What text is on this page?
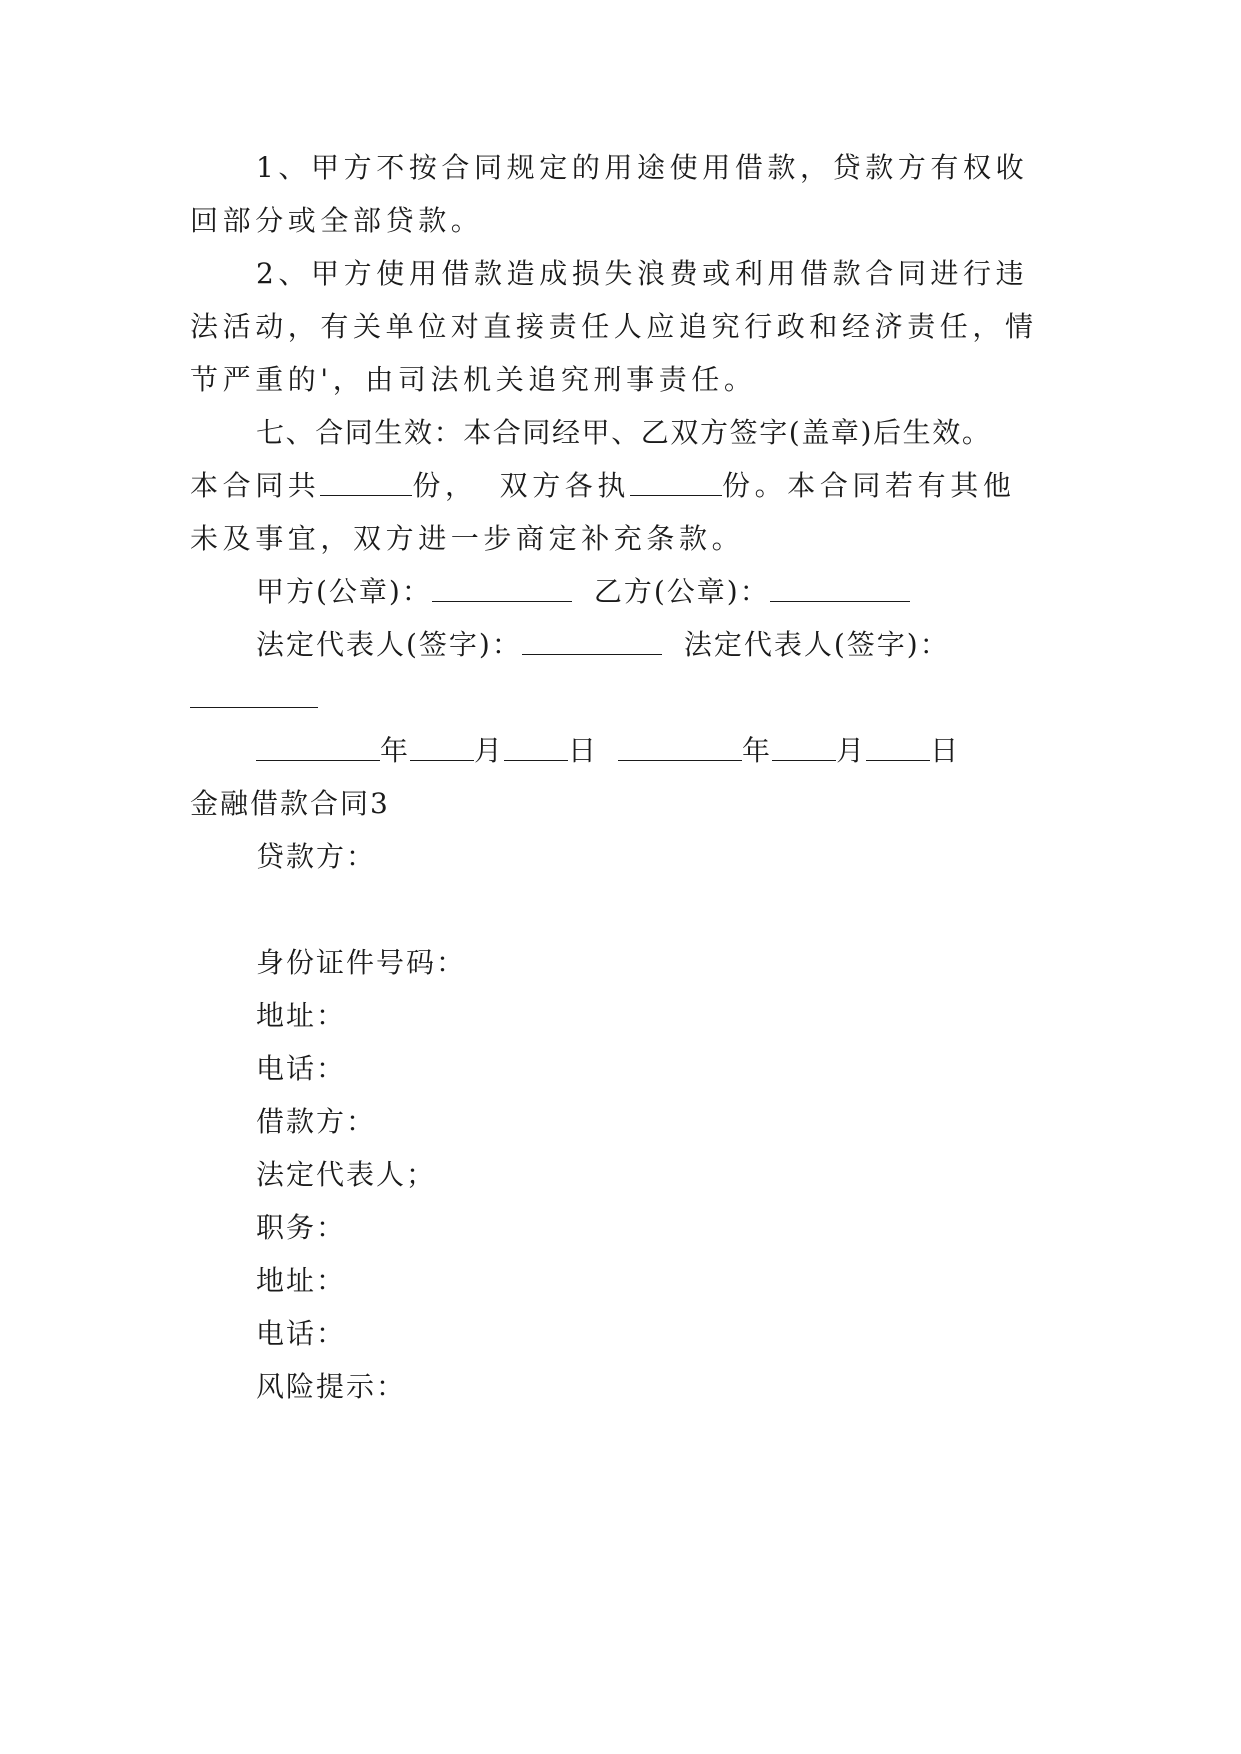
1、甲方不按合同规定的用途使用借款，贷款方有权收
回部分或全部贷款。
2、甲方使用借款造成损失浪费或利用借款合同进行违
法活动，有关单位对直接责任人应追究行政和经济责任，情
节严重的'，由司法机关追究刑事责任。
七、合同生效：本合同经甲、乙双方签字(盖章)后生效。
本合同共	份， 双方各执	份。本合同若有其他
未及事宜，双方进一步商定补充条款。
甲方(公章)：	乙方(公章)：
法定代表人(签字)：	法定代表人(签字)：
年 月 日	年 月 日
金融借款合同3
贷款方：
身份证件号码：
地址：
电话：
借款方：
法定代表人；
职务：
地址：
电话：
风险提示：
